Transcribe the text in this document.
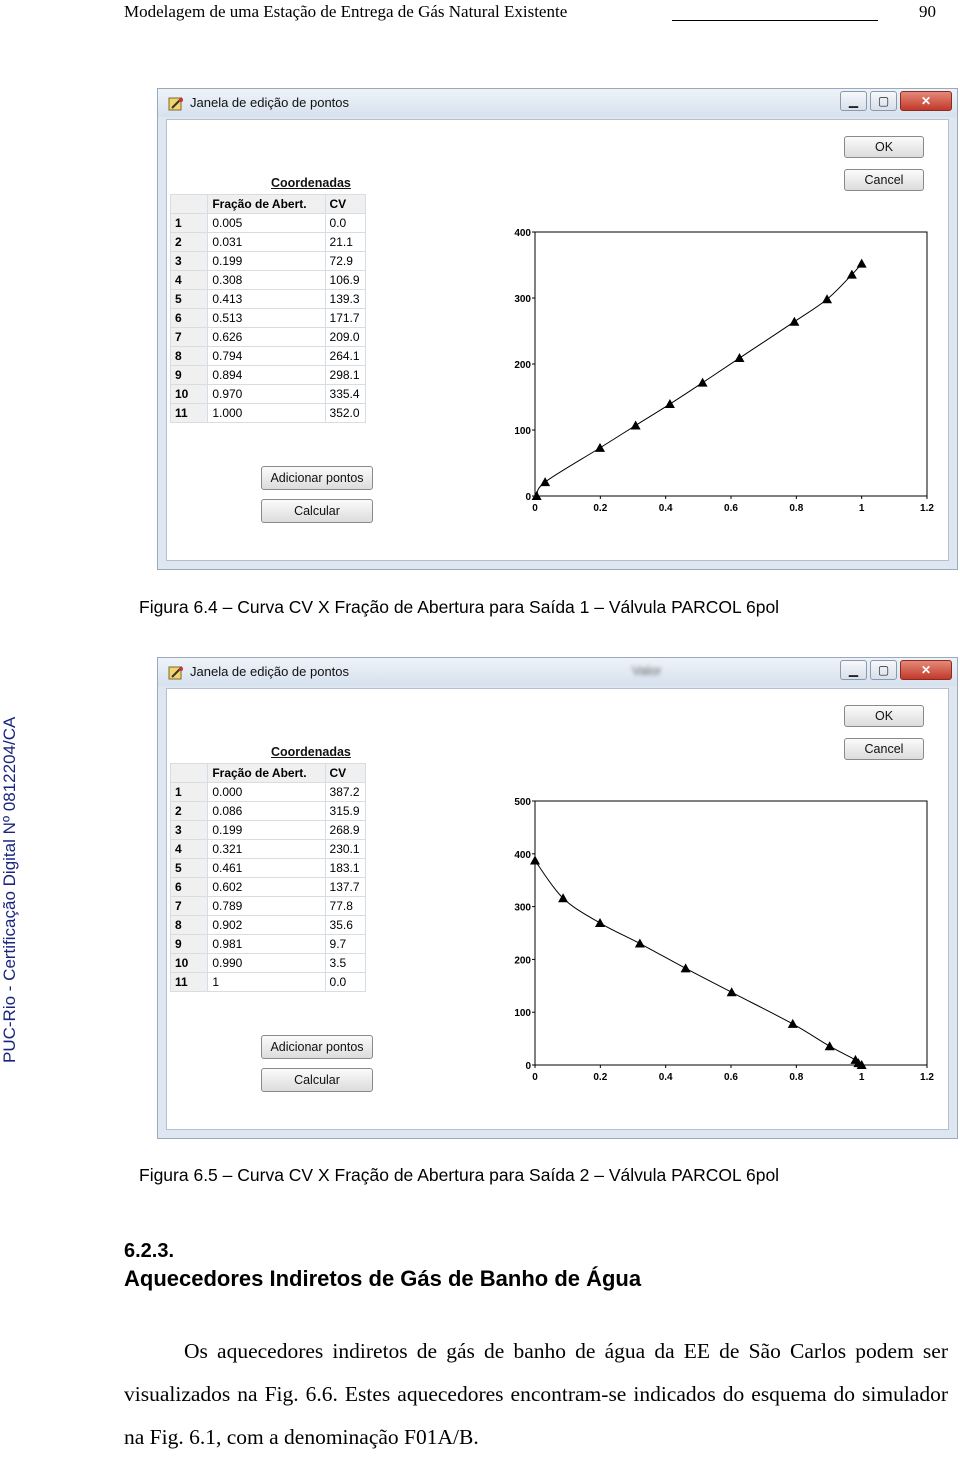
Modelagem de uma Estação de Entrega de Gás Natural Existente	90
PUC-Rio - Certificação Digital Nº 0812204/CA
Janela de edição de pontos	▁	▢	✕
Coordenadas
	Fração de Abert.	CV
1	0.005	0.0
2	0.031	21.1
3	0.199	72.9
4	0.308	106.9
5	0.413	139.3
6	0.513	171.7
7	0.626	209.0
8	0.794	264.1
9	0.894	298.1
10	0.970	335.4
11	1.000	352.0
Adicionar pontos
Calcular
OK
Cancel
0
100
200
300
400
0	0.2	0.4	0.6	0.8	1	1.2
Figura 6.4 – Curva CV X Fração de Abertura para Saída 1 – Válvula PARCOL 6pol
Janela de edição de pontos	Valor	▁	▢	✕
Coordenadas
	Fração de Abert.	CV
1	0.000	387.2
2	0.086	315.9
3	0.199	268.9
4	0.321	230.1
5	0.461	183.1
6	0.602	137.7
7	0.789	77.8
8	0.902	35.6
9	0.981	9.7
10	0.990	3.5
11	1	0.0
Adicionar pontos
Calcular
OK
Cancel
0
100
200
300
400
500
0	0.2	0.4	0.6	0.8	1	1.2
Figura 6.5 – Curva CV X Fração de Abertura para Saída 2 – Válvula PARCOL 6pol
6.2.3.
Aquecedores Indiretos de Gás de Banho de Água
Os aquecedores indiretos de gás de banho de água da EE de São Carlos podem ser visualizados na Fig. 6.6. Estes aquecedores encontram-se indicados do esquema do simulador na Fig. 6.1, com a denominação F01A/B.
